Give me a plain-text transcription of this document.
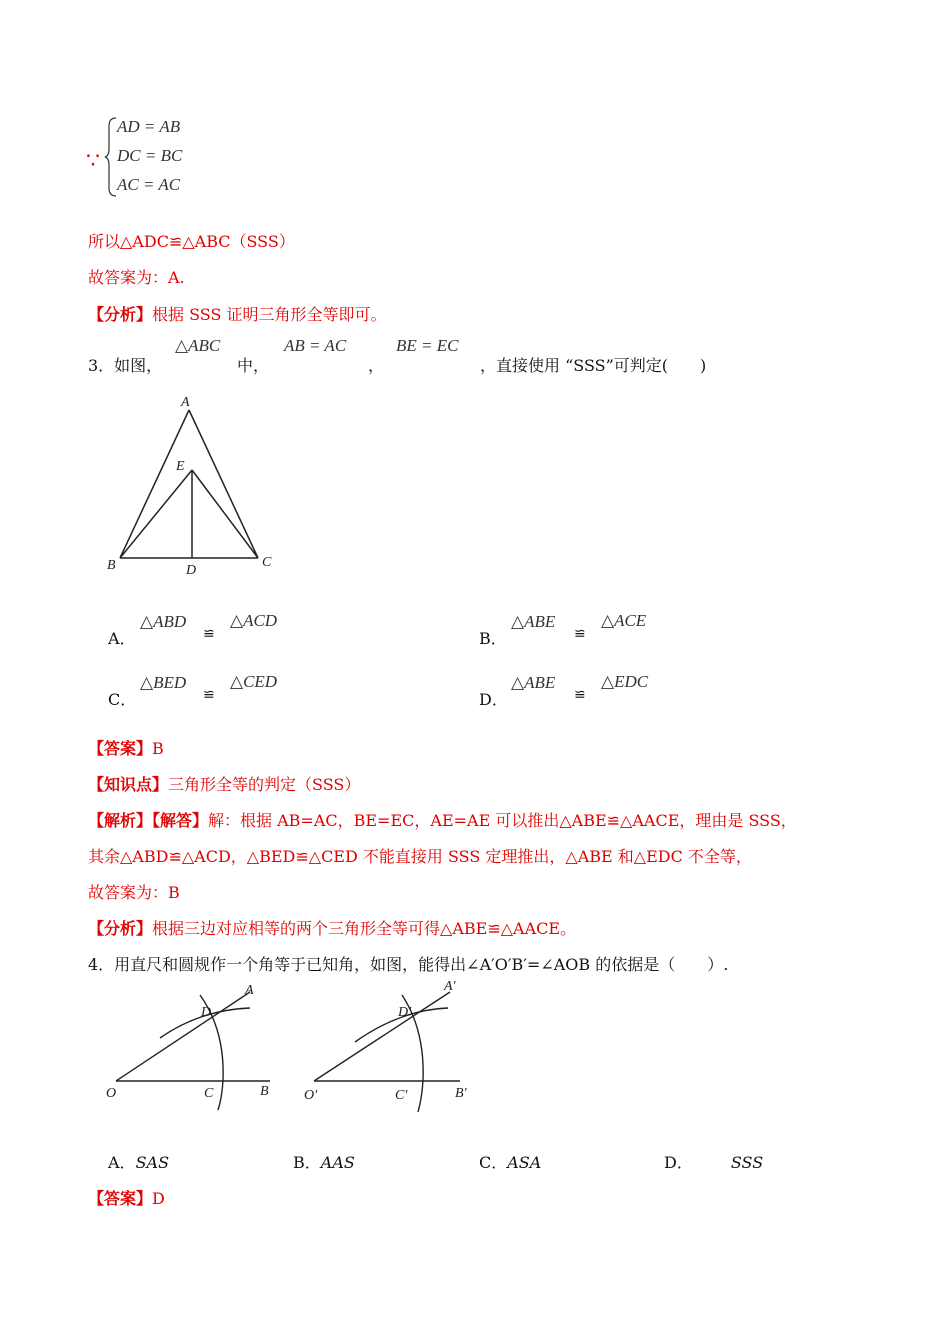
∵
AD = AB
DC = BC
AC = AC
所以△ADC≌△ABC（SSS）
故答案为：A.
【分析】根据 SSS 证明三角形全等即可。
3．如图，
△ABC
中，
AB = AC
，
BE = EC
，直接使用 “SSS”可判定(　　)
A
E
B	D
C
A．
△ABD
≌
△ACD
B．
△ABE
≌
△ACE
C．
△BED
≌
△CED
D．
△ABE
≌
△EDC
【答案】B
【知识点】三角形全等的判定（SSS）
【解析】【解答】解：根据 AB=AC，BE=EC，AE=AE 可以推出△ABE≌△AACE，理由是 SSS，
其余△ABD≌△ACD，△BED≌△CED 不能直接用 SSS 定理推出，△ABE 和△EDC 不全等，
故答案为：B
【分析】根据三边对应相等的两个三角形全等可得△ABE≌△AACE。
4．用直尺和圆规作一个角等于已知角，如图，能得出∠A′O′B′=∠AOB 的依据是（　　）.
O	C	B
D
A
O′	C′	B′
D′
A′
A．SAS	B．AAS	C．ASA	D． SSS
【答案】D
